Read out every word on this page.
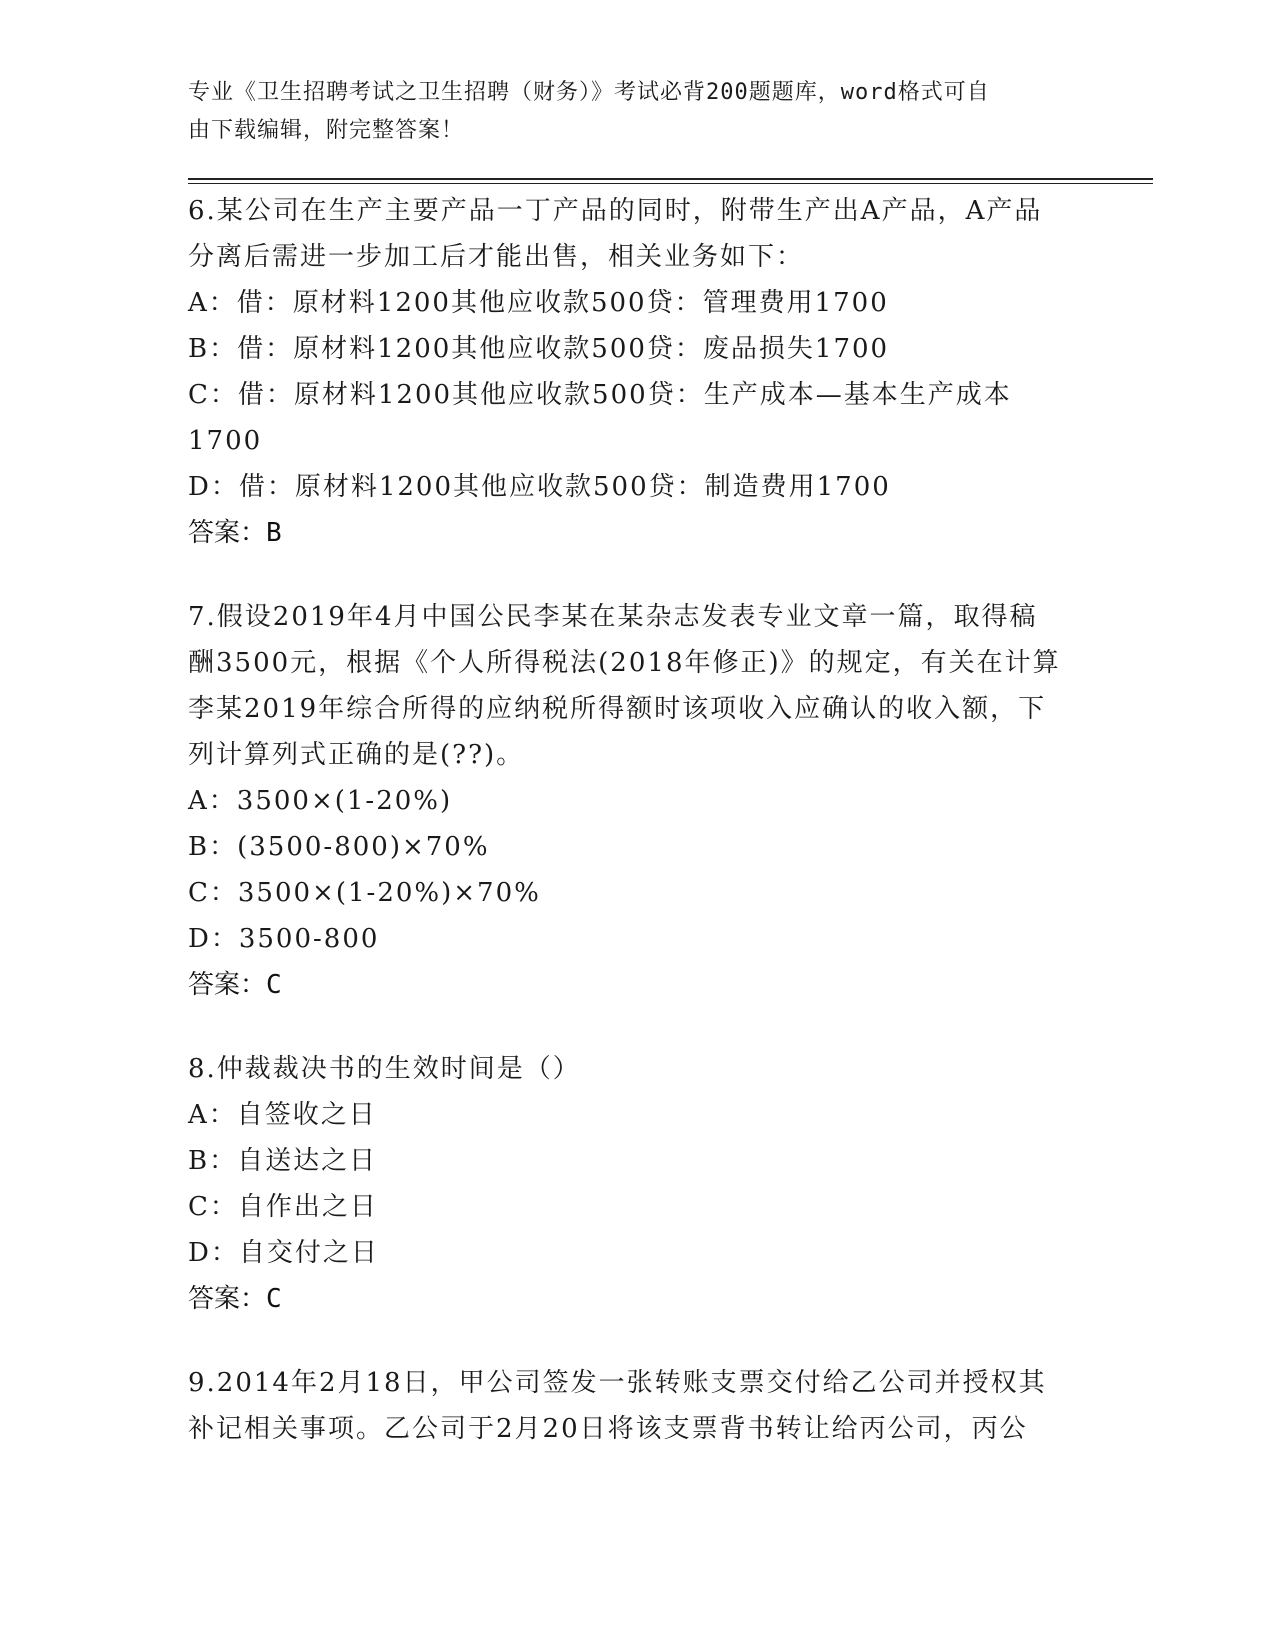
专业《卫生招聘考试之卫生招聘（财务）》考试必背200题题库，word格式可自
由下载编辑，附完整答案！

6.某公司在生产主要产品一丁产品的同时，附带生产出A产品，A产品

分离后需进一步加工后才能出售，相关业务如下：

A：借：原材料1200其他应收款500贷：管理费用1700

B：借：原材料1200其他应收款500贷：废品损失1700

C：借：原材料1200其他应收款500贷：生产成本—基本生产成本

1700

D：借：原材料1200其他应收款500贷：制造费用1700

答案：B

7.假设2019年4月中国公民李某在某杂志发表专业文章一篇，取得稿

酬3500元，根据《个人所得税法(2018年修正)》的规定，有关在计算

李某2019年综合所得的应纳税所得额时该项收入应确认的收入额，下

列计算列式正确的是(??)。

A：3500×(1-20%)

B：(3500-800)×70%

C：3500×(1-20%)×70%

D：3500-800

答案：C

8.仲裁裁决书的生效时间是（）

A：自签收之日

B：自送达之日

C：自作出之日

D：自交付之日

答案：C

9.2014年2月18日，甲公司签发一张转账支票交付给乙公司并授权其

补记相关事项。乙公司于2月20日将该支票背书转让给丙公司，丙公
